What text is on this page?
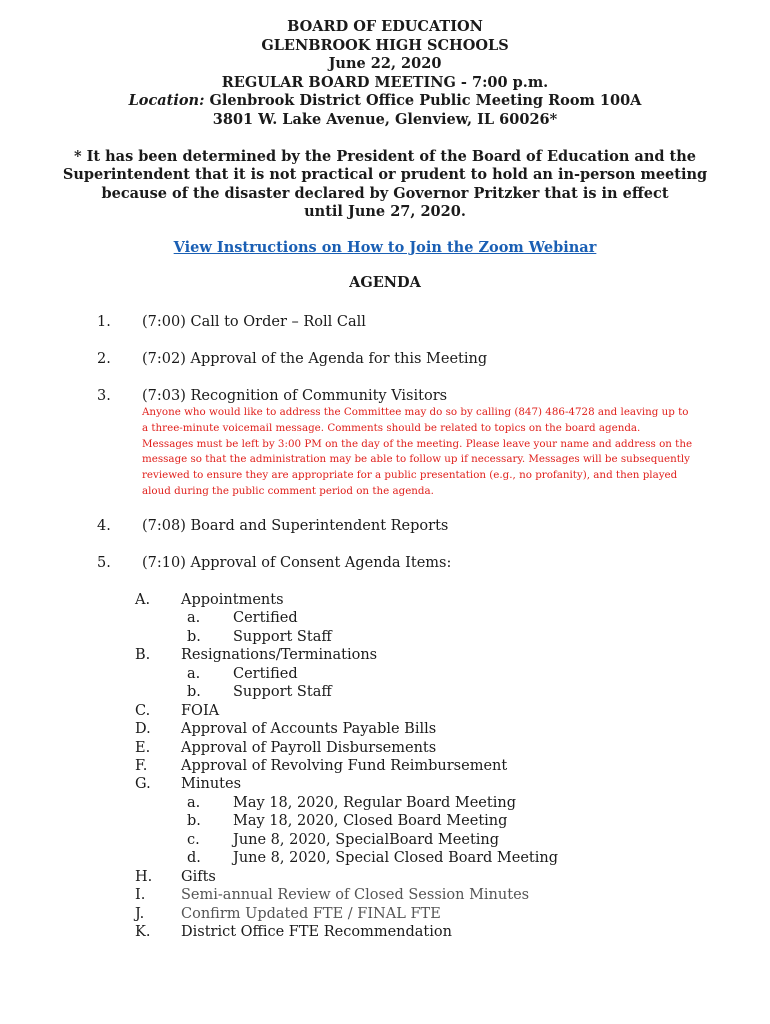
BOARD OF EDUCATION
GLENBROOK HIGH SCHOOLS
June 22, 2020
REGULAR BOARD MEETING - 7:00 p.m.
Location: Glenbrook District Office Public Meeting Room 100A
3801 W. Lake Avenue, Glenview, IL 60026*
* It has been determined by the President of the Board of Education and the
Superintendent that it is not practical or prudent to hold an in-person meeting
because of the disaster declared by Governor Pritzker that is in effect
until June 27, 2020.
View Instructions on How to Join the Zoom Webinar
AGENDA
1. (7:00) Call to Order – Roll Call
2. (7:02) Approval of the Agenda for this Meeting
3. (7:03) Recognition of Community Visitors
Anyone who would like to address the Committee may do so by calling (847) 486-4728 and leaving up to
a three-minute voicemail message. Comments should be related to topics on the board agenda.
Messages must be left by 3:00 PM on the day of the meeting. Please leave your name and address on the
message so that the administration may be able to follow up if necessary. Messages will be subsequently
reviewed to ensure they are appropriate for a public presentation (e.g., no profanity), and then played
aloud during the public comment period on the agenda.
4. (7:08) Board and Superintendent Reports
5. (7:10) Approval of Consent Agenda Items:
A. Appointments
a. Certified
b. Support Staff
B. Resignations/Terminations
a. Certified
b. Support Staff
C. FOIA
D. Approval of Accounts Payable Bills
E. Approval of Payroll Disbursements
F. Approval of Revolving Fund Reimbursement
G. Minutes
a. May 18, 2020, Regular Board Meeting
b. May 18, 2020, Closed Board Meeting
c. June 8, 2020, SpecialBoard Meeting
d. June 8, 2020, Special Closed Board Meeting
H. Gifts
I. Semi-annual Review of Closed Session Minutes
J.	Confirm Updated FTE / FINAL FTE
K. District Office FTE Recommendation
